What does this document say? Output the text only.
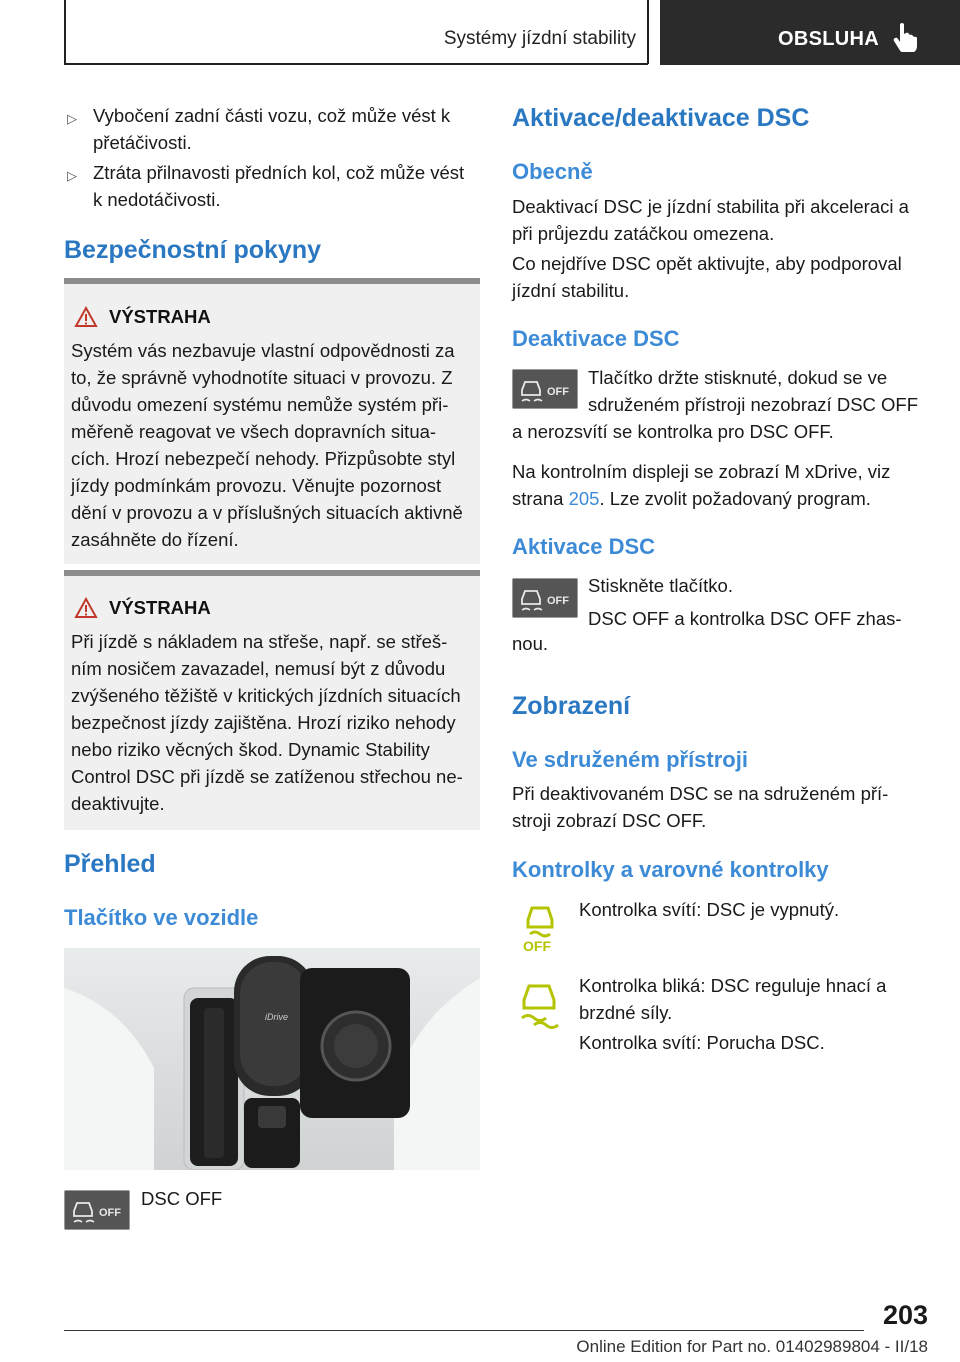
Systémy jízdní stability	OBSLUHA
▷ Vybočení zadní části vozu, což může vést k
přetáčivosti.
▷ Ztráta přilnavosti předních kol, což může vést
k nedotáčivosti.
Bezpečnostní pokyny
VÝSTRAHA
Systém vás nezbavuje vlastní odpovědnosti za
to, že správně vyhodnotíte situaci v provozu. Z
důvodu omezení systému nemůže systém při‐
měřeně reagovat ve všech dopravních situa‐
cích. Hrozí nebezpečí nehody. Přizpůsobte styl
jízdy podmínkám provozu. Věnujte pozornost
dění v provozu a v příslušných situacích aktivně
zasáhněte do řízení.
VÝSTRAHA
Při jízdě s nákladem na střeše, např. se střeš‐
ním nosičem zavazadel, nemusí být z důvodu
zvýšeného těžiště v kritických jízdních situacích
bezpečnost jízdy zajištěna. Hrozí riziko nehody
nebo riziko věcných škod. Dynamic Stability
Control DSC při jízdě se zatíženou střechou ne‐
deaktivujte.
Přehled
Tlačítko ve vozidle
iDrive
OFF
DSC OFF
Aktivace/deaktivace DSC
Obecně
Deaktivací DSC je jízdní stabilita při akceleraci a
při průjezdu zatáčkou omezena.
Co nejdříve DSC opět aktivujte, aby podporoval
jízdní stabilitu.
Deaktivace DSC
OFF
Tlačítko držte stisknuté, dokud se ve
sdruženém přístroji nezobrazí DSC OFF
a nerozsvítí se kontrolka pro DSC OFF.
Na kontrolním displeji se zobrazí M xDrive, viz
strana 205. Lze zvolit požadovaný program.
Aktivace DSC
OFF
Stiskněte tlačítko.
DSC OFF a kontrolka DSC OFF zhas‐
nou.
Zobrazení
Ve sdruženém přístroji
Při deaktivovaném DSC se na sdruženém pří‐
stroji zobrazí DSC OFF.
Kontrolky a varovné kontrolky
OFF
Kontrolka svítí: DSC je vypnutý.
Kontrolka bliká: DSC reguluje hnací a
brzdné síly.
Kontrolka svítí: Porucha DSC.
203
Online Edition for Part no. 01402989804 - II/18
